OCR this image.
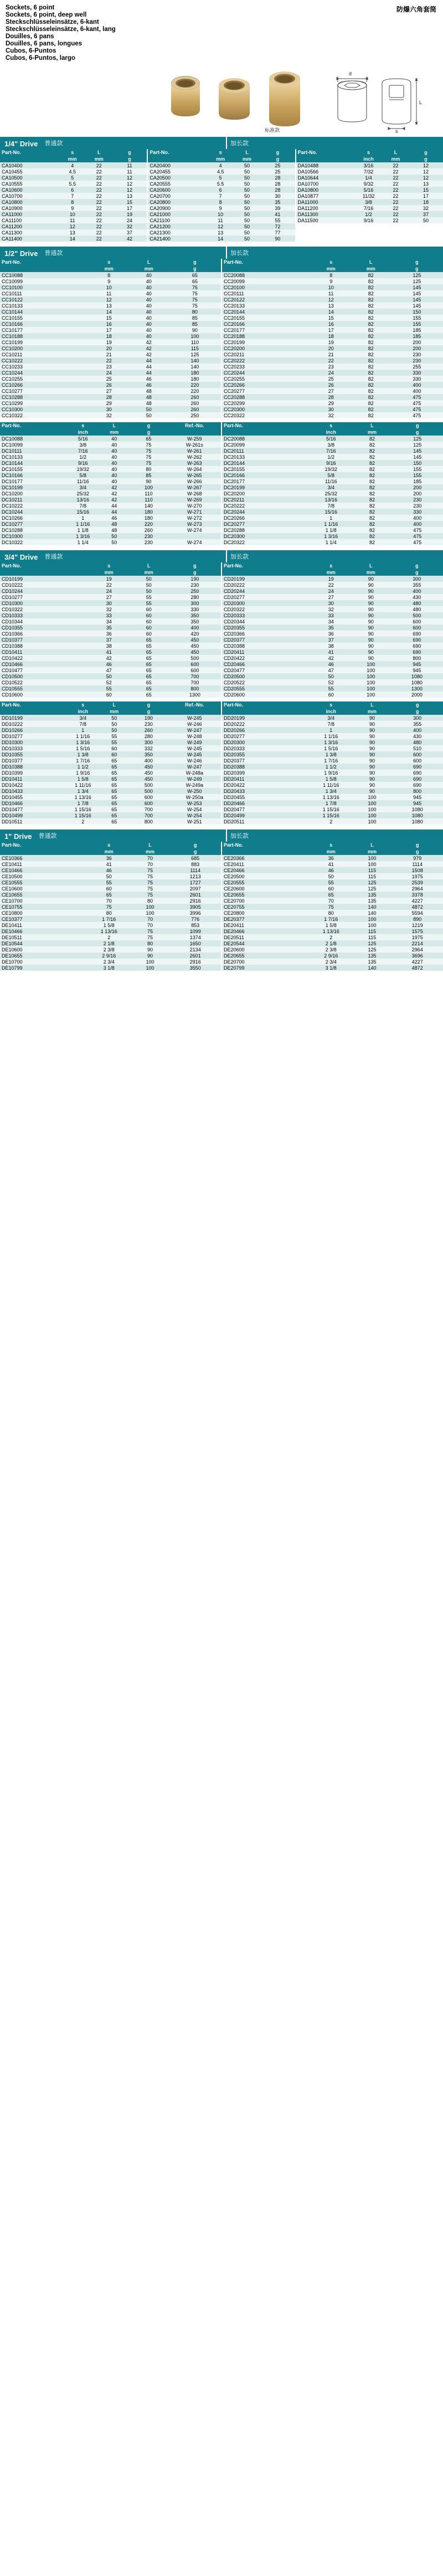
Sockets, 6 point
Sockets, 6 point, deep well
Steckschlüsseleinsätze, 6-kant
Steckschlüsseleinsätze, 6-kant, lang
Douilles, 6 pans
Douilles, 6 pans, longues
Cubos, 6-Puntos
Cubos, 6-Puntos, largo
防爆六角套筒
d
L
s
标准款
1/4" Drive	普通款	加长款
Part-No.	s	L	g
	mm	mm	g
CA10400	4	22	11
CA10455	4.5	22	11
CA10500	5	22	12
CA10555	5.5	22	12
CA10600	6	22	12
CA10700	7	22	13
CA10800	8	22	15
CA10900	9	22	17
CA11000	10	22	19
CA11100	11	22	24
CA11200	12	22	32
CA11300	13	22	37
CA11400	14	22	42
Part-No.	s	L	g
	mm	mm	g
CA20400	4	50	25
CA20455	4.5	50	25
CA20500	5	50	28
CA20555	5.5	50	28
CA20600	6	50	28
CA20700	7	50	30
CA20800	8	50	35
CA20900	9	50	39
CA21000	10	50	41
CA21100	11	50	55
CA21200	12	50	72
CA21300	13	50	77
CA21400	14	50	90
Part-No.	s	L	g
	inch	mm	g
DA10488	3/16	22	12
DA10566	7/32	22	12
DA10644	1/4	22	12
DA10700	9/32	22	13
DA10800	5/16	22	15
DA10877	11/32	22	17
DA11000	3/8	22	18
DA11200	7/16	22	32
DA11300	1/2	22	37
DA11500	9/16	22	50
1/2" Drive	普通款	加长款
Part-No.	s	L	g
	mm	mm	g
CC10088	8	40	65
CC10099	9	40	65
CC10100	10	40	75
CC10111	11	40	75
CC10122	12	40	75
CC10133	13	40	75
CC10144	14	40	80
CC10155	15	40	85
CC10166	16	40	85
CC10177	17	40	90
CC10188	18	40	100
CC10199	19	42	110
CC10200	20	42	115
CC10211	21	42	125
CC10222	22	44	140
CC10233	23	44	140
CC10244	24	44	180
CC10255	25	46	180
CC10266	26	46	220
CC10277	27	48	220
CC10288	28	48	260
CC10299	29	48	260
CC10300	30	50	260
CC10322	32	50	250
Part-No.	s	L	g
	mm	mm	g
CC20088	8	82	125
CC20099	9	82	125
CC20100	10	82	145
CC20111	11	82	145
CC20122	12	82	145
CC20133	13	82	145
CC20144	14	82	150
CC20155	15	82	155
CC20166	16	82	155
CC20177	17	82	185
CC20188	18	82	185
CC20199	19	82	200
CC20200	20	82	200
CC20211	21	82	230
CC20222	22	82	230
CC20233	23	82	255
CC20244	24	82	330
CC20255	25	82	330
CC20266	26	82	400
CC20277	27	82	400
CC20288	28	82	475
CC20299	29	82	475
CC20300	30	82	475
CC20322	32	82	475
Part-No.	s	L	g	Ref.-No.
	inch	mm	g	
DC10088	5/16	40	65	W-259
DC10099	3/8	40	75	W-261s
DC10111	7/16	40	75	W-261
DC10133	1/2	40	75	W-262
DC10144	9/16	40	75	W-263
DC10155	19/32	40	80	W-264
DC10166	5/8	40	85	W-265
DC10177	11/16	40	90	W-266
DC10199	3/4	42	100	W-267
DC10200	25/32	42	110	W-268
DC10211	13/16	42	110	W-269
DC10222	7/8	44	140	W-270
DC10244	15/16	44	180	W-271
DC10266	1	46	180	W-272
DC10277	1 1/16	48	220	W-273
DC10288	1 1/8	48	260	W-274
DC10300	1 3/16	50	230	
DC10322	1 1/4	50	230	W-274
Part-No.	s	L	g
	inch	mm	g
DC20088	5/16	82	125
DC20099	3/8	82	125
DC20111	7/16	82	145
DC20133	1/2	82	145
DC20144	9/16	82	150
DC20155	19/32	82	155
DC20166	5/8	82	155
DC20177	11/16	82	185
DC20199	3/4	82	200
DC20200	25/32	82	200
DC20211	13/16	82	230
DC20222	7/8	82	230
DC20244	15/16	82	330
DC20266	1	82	400
DC20277	1 1/16	82	400
DC20288	1 1/8	82	475
DC20300	1 3/16	82	475
DC20322	1 1/4	82	475
3/4" Drive	普通款	加长款
Part-No.	s	L	g
	mm	mm	g
CD10199	19	50	190
CD10222	22	50	230
CD10244	24	50	250
CD10277	27	55	280
CD10300	30	55	300
CD10322	32	60	330
CD10333	33	60	350
CD10344	34	60	350
CD10355	35	60	400
CD10366	36	60	420
CD10377	37	65	450
CD10388	38	65	450
CD10411	41	65	450
CD10422	42	65	500
CD10466	46	65	600
CD10477	47	65	600
CD10500	50	65	700
CD10522	52	65	700
CD10555	55	65	800
CD10600	60	65	1300
Part-No.	s	L	g
	mm	mm	g
CD20199	19	90	300
CD20222	22	90	355
CD20244	24	90	400
CD20277	27	90	430
CD20300	30	90	480
CD20322	32	90	480
CD20333	33	90	500
CD20344	34	90	600
CD20355	35	90	600
CD20366	36	90	690
CD20377	37	90	690
CD20388	38	90	690
CD20411	41	90	690
CD20422	42	90	800
CD20466	46	100	945
CD20477	47	100	945
CD20500	50	100	1080
CD20522	52	100	1080
CD20555	55	100	1300
CD20600	60	100	2000
Part-No.	s	L	g	Ref.-No.
	inch	mm	g	
DD10199	3/4	50	190	W-245
DD10222	7/8	50	230	W-246
DD10266	1	50	260	W-247
DD10277	1 1/16	55	280	W-248
DD10300	1 3/16	55	300	W-249
DD10333	1 5/16	60	332	W-245
DD10355	1 3/8	60	350	W-245
DD10377	1 7/16	65	400	W-246
DD10388	1 1/2	65	450	W-247
DD10399	1 9/16	65	450	W-248a
DD10411	1 5/8	65	450	W-249
DD10422	1 11/16	65	500	W-249a
DD10433	1 3/4	65	500	W-250
DD10455	1 13/16	65	600	W-250a
DD10466	1 7/8	65	600	W-253
DD10477	1 15/16	65	700	W-254
DD10499	1 15/16	65	700	W-254
DD10511	2	65	800	W-251
Part-No.	s	L	g
	inch	mm	g
DD20199	3/4	90	300
DD20222	7/8	90	355
DD20266	1	90	400
DD20277	1 1/16	90	430
DD20300	1 3/16	90	480
DD20333	1 5/16	90	510
DD20355	1 3/8	90	600
DD20377	1 7/16	90	600
DD20388	1 1/2	90	690
DD20399	1 9/16	90	690
DD20411	1 5/8	90	690
DD20422	1 11/16	90	690
DD20433	1 3/4	90	800
DD20455	1 13/16	100	945
DD20466	1 7/8	100	945
DD20477	1 15/16	100	1080
DD20499	1 15/16	100	1080
DD20511	2	100	1080
1" Drive	普通款	加长款
Part-No.	s	L	g
	mm	mm	g
CE10366	36	70	685
CE10411	41	70	883
CE10466	46	75	1114
CE10500	50	75	1213
CE10555	55	75	1727
CE10600	60	75	2097
CE10655	65	75	2601
CE10700	70	80	2916
CE10755	75	100	3905
CE10800	80	100	3996
CE10377	1 7/16	70	776
DE10411	1 5/8	70	853
DE10466	1 13/16	75	1099
DE10511	2	75	1374
DE10544	2 1/8	80	1650
DE10600	2 3/8	90	2134
DE10655	2 9/16	90	2601
DE10700	2 3/4	100	2916
DE10799	3 1/8	100	3550
Part-No.	s	L	g
	mm	mm	g
CE20366	36	100	979
CE20411	41	100	1114
CE20466	46	115	1508
CE20500	50	115	1975
CE20555	55	125	2539
CE20600	60	125	2964
CE20655	65	135	3378
CE20700	70	135	4227
CE20755	75	140	4872
CE20800	80	140	5594
DE20377	1 7/16	100	890
DE20411	1 5/8	100	1219
DE20466	1 13/16	115	1575
DE20511	2	115	1975
DE20544	2 1/8	125	2214
DE20600	2 3/8	125	2964
DE20655	2 9/16	135	3696
DE20700	2 3/4	135	4227
DE20799	3 1/8	140	4872
